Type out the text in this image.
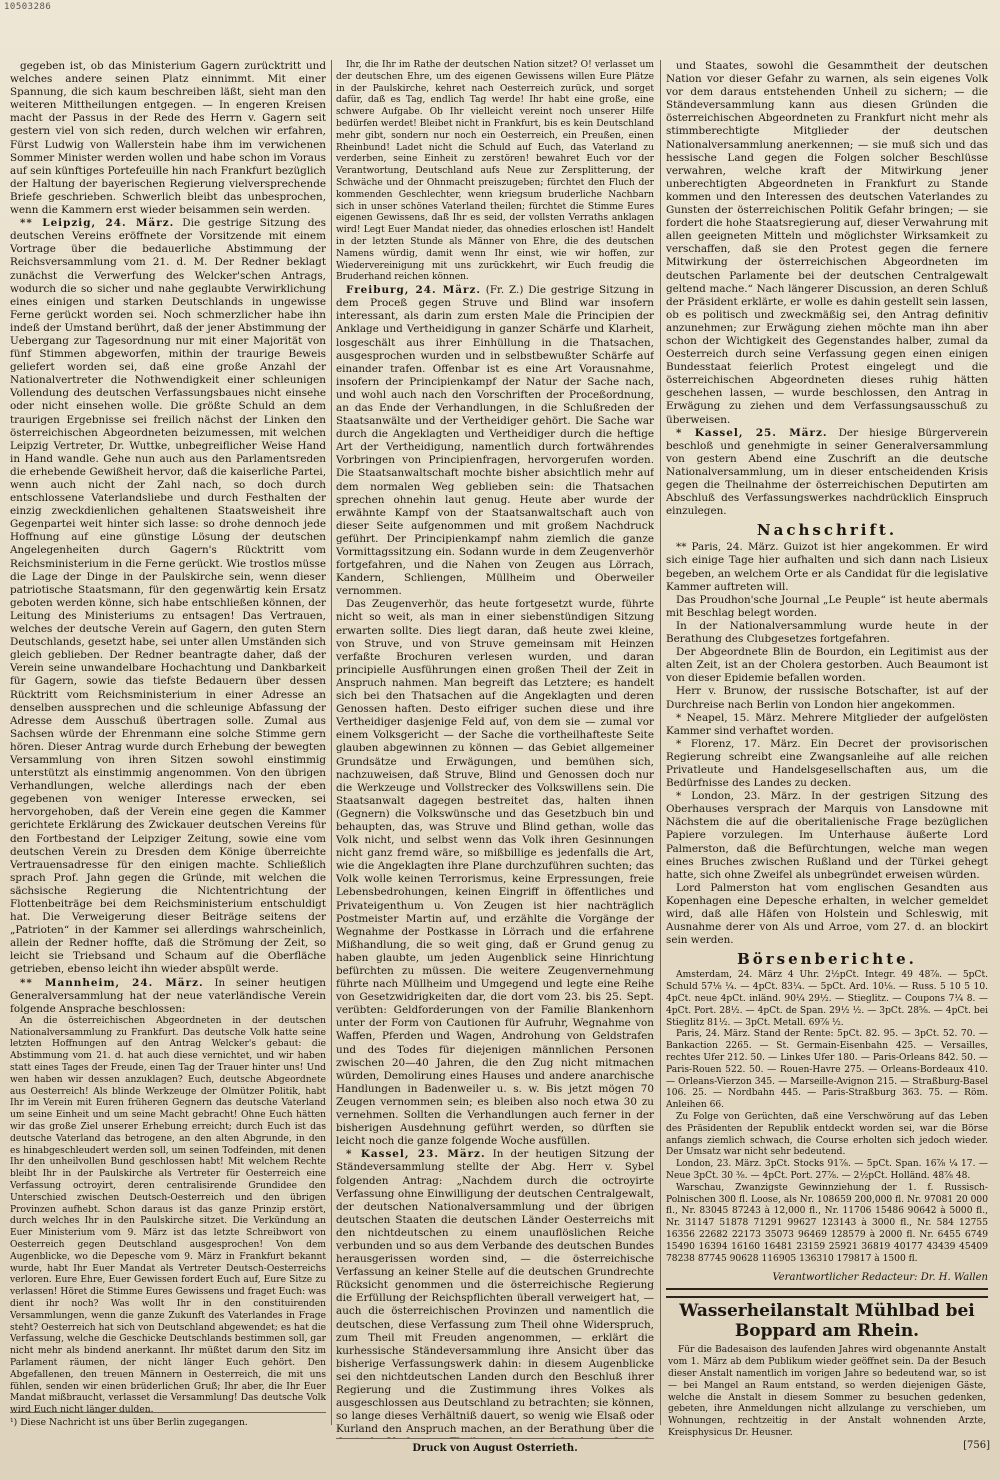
10503286

gegeben ist, ob das Ministerium Gagern zurücktritt und welches andere seinen Platz einnimmt. Mit einer Spannung, die sich kaum beschreiben läßt, sieht man den weiteren Mittheilungen entgegen. — In engeren Kreisen macht der Passus in der Rede des Herrn v. Gagern seit gestern viel von sich reden, durch welchen wir erfahren, Fürst Ludwig von Wallerstein habe ihm im verwichenen Sommer Minister werden wollen und habe schon im Voraus auf sein künftiges Portefeuille hin nach Frankfurt bezüglich der Haltung der bayerischen Regierung vielversprechende Briefe geschrieben. Schwerlich bleibt das unbesprochen, wenn die Kammern erst wieder beisammen sein werden.

** Leipzig, 24. März. Die gestrige Sitzung des deutschen Vereins eröffnete der Vorsitzende mit einem Vortrage über die bedauerliche Abstimmung der Reichsversammlung vom 21. d. M. Der Redner beklagt zunächst die Verwerfung des Welcker'schen Antrags, wodurch die so sicher und nahe geglaubte Verwirklichung eines einigen und starken Deutschlands in ungewisse Ferne gerückt worden sei. Noch schmerzlicher habe ihn indeß der Umstand berührt, daß der jener Abstimmung der Uebergang zur Tagesordnung nur mit einer Majorität von fünf Stimmen abgeworfen, mithin der traurige Beweis geliefert worden sei, daß eine große Anzahl der Nationalvertreter die Nothwendigkeit einer schleunigen Vollendung des deutschen Verfassungsbaues nicht einsehe oder nicht einsehen wolle. Die größte Schuld an dem traurigen Ergebnisse sei freilich nächst der Linken den österreichischen Abgeordneten beizumessen, mit welchen Leipzig Vertreter, Dr. Wuttke, unbegreiflicher Weise Hand in Hand wandle. Gehe nun auch aus den Parlamentsreden die erhebende Gewißheit hervor, daß die kaiserliche Partei, wenn auch nicht der Zahl nach, so doch durch entschlossene Vaterlandsliebe und durch Festhalten der einzig zweckdienlichen gehaltenen Staatsweisheit ihre Gegenpartei weit hinter sich lasse: so drohe dennoch jede Hoffnung auf eine günstige Lösung der deutschen Angelegenheiten durch Gagern's Rücktritt vom Reichsministerium in die Ferne gerückt. Wie trostlos müsse die Lage der Dinge in der Paulskirche sein, wenn dieser patriotische Staatsmann, für den gegenwärtig kein Ersatz geboten werden könne, sich habe entschließen können, der Leitung des Ministeriums zu entsagen! Das Vertrauen, welches der deutsche Verein auf Gagern, den guten Stern Deutschlands, gesetzt habe, sei unter allen Umständen sich gleich geblieben. Der Redner beantragte daher, daß der Verein seine unwandelbare Hochachtung und Dankbarkeit für Gagern, sowie das tiefste Bedauern über dessen Rücktritt vom Reichsministerium in einer Adresse an denselben aussprechen und die schleunige Abfassung der Adresse dem Ausschuß übertragen solle. Zumal aus Sachsen würde der Ehrenmann eine solche Stimme gern hören. Dieser Antrag wurde durch Erhebung der bewegten Versammlung von ihren Sitzen sowohl einstimmig unterstützt als einstimmig angenommen. Von den übrigen Verhandlungen, welche allerdings nach der eben gegebenen von weniger Interesse erwecken, sei hervorgehoben, daß der Verein eine gegen die Kammer gerichtete Erklärung des Zwickauer deutschen Vereins für den Fortbestand der Leipziger Zeitung, sowie eine vom deutschen Verein zu Dresden dem Könige überreichte Vertrauensadresse für den einigen machte. Schließlich sprach Prof. Jahn gegen die Gründe, mit welchen die sächsische Regierung die Nichtentrichtung der Flottenbeiträge bei dem Reichsministerium entschuldigt hat. Die Verweigerung dieser Beiträge seitens der „Patrioten“ in der Kammer sei allerdings wahrscheinlich, allein der Redner hoffte, daß die Strömung der Zeit, so leicht sie Triebsand und Schaum auf die Oberfläche getrieben, ebenso leicht ihn wieder abspült werde.

** Mannheim, 24. März. In seiner heutigen Generalversammlung hat der neue vaterländische Verein folgende Ansprache beschlossen:

An die österreichischen Abgeordneten in der deutschen Nationalversammlung zu Frankfurt. Das deutsche Volk hatte seine letzten Hoffnungen auf den Antrag Welcker's gebaut: die Abstimmung vom 21. d. hat auch diese vernichtet, und wir haben statt eines Tages der Freude, einen Tag der Trauer hinter uns! Und wen haben wir dessen anzuklagen? Euch, deutsche Abgeordnete aus Oesterreich! Als blinde Werkzeuge der Olmützer Politik, habt Ihr im Verein mit Euren früheren Gegnern das deutsche Vaterland um seine Einheit und um seine Macht gebracht! Ohne Euch hätten wir das große Ziel unserer Erhebung erreicht; durch Euch ist das deutsche Vaterland das betrogene, an den alten Abgrunde, in den es hinabgeschleudert werden soll, um seinen Todfeinden, mit denen Ihr den unheilvollen Bund geschlossen habt! Mit welchem Rechte bleibt Ihr in der Paulskirche als Vertreter für Oesterreich eine Verfassung octroyirt, deren centralisirende Grundidee den Unterschied zwischen Deutsch-Oesterreich und den übrigen Provinzen aufhebt. Schon daraus ist das ganze Prinzip erstört, durch welches Ihr in den Paulskirche sitzet. Die Verkündung an Euer Ministerium vom 9. März ist das letzte Schreibwort von Oesterreich gegen Deutschland ausgesprochen! Von dem Augenblicke, wo die Depesche vom 9. März in Frankfurt bekannt wurde, habt Ihr Euer Mandat als Vertreter Deutsch-Oesterreichs verloren. Eure Ehre, Euer Gewissen fordert Euch auf, Eure Sitze zu verlassen! Höret die Stimme Eures Gewissens und fraget Euch: was dient ihr noch? Was wollt Ihr in den constituirenden Versammlungen, wenn die ganze Zukunft des Vaterlandes in Frage steht? Oesterreich hat sich von Deutschland abgewendet; es hat die Verfassung, welche die Geschicke Deutschlands bestimmen soll, gar nicht mehr als bindend anerkannt. Ihr müßtet darum den Sitz im Parlament räumen, der nicht länger Euch gehört. Den Abgefallenen, den treuen Männern in Oesterreich, die mit uns fühlen, senden wir einen brüderlichen Gruß; Ihr aber, die Ihr Euer Mandat mißbraucht, verlasset die Versammlung! Das deutsche Volk wird Euch nicht länger dulden.

¹) Diese Nachricht ist uns über Berlin zugegangen.

Ihr, die Ihr im Rathe der deutschen Nation sitzet? O! verlasset um der deutschen Ehre, um des eigenen Gewissens willen Eure Plätze in der Paulskirche, kehret nach Oesterreich zurück, und sorget dafür, daß es Tag, endlich Tag werde! Ihr habt eine große, eine schwere Aufgabe. Ob Ihr vielleicht vereint noch unserer Hilfe bedürfen werdet! Bleibet nicht in Frankfurt, bis es kein Deutschland mehr gibt, sondern nur noch ein Oesterreich, ein Preußen, einen Rheinbund! Ladet nicht die Schuld auf Euch, das Vaterland zu verderben, seine Einheit zu zerstören! bewahret Euch vor der Verantwortung, Deutschland aufs Neue zur Zersplitterung, der Schwäche und der Ohnmacht preiszugeben; fürchtet den Fluch der kommenden Geschlechter, wenn kriegsum bruderliche Nachbarn sich in unser schönes Vaterland theilen; fürchtet die Stimme Eures eigenen Gewissens, daß Ihr es seid, der vollsten Verraths anklagen wird! Legt Euer Mandat nieder, das ohnedies erloschen ist! Handelt in der letzten Stunde als Männer von Ehre, die des deutschen Namens würdig, damit wenn Ihr einst, wie wir hoffen, zur Wiedervereinigung mit uns zurückkehrt, wir Euch freudig die Bruderhand reichen können.

Freiburg, 24. März. (Fr. Z.) Die gestrige Sitzung in dem Proceß gegen Struve und Blind war insofern interessant, als darin zum ersten Male die Principien der Anklage und Vertheidigung in ganzer Schärfe und Klarheit, losgeschält aus ihrer Einhüllung in die Thatsachen, ausgesprochen wurden und in selbstbewußter Schärfe auf einander trafen. Offenbar ist es eine Art Vorausnahme, insofern der Principienkampf der Natur der Sache nach, und wohl auch nach den Vorschriften der Proceßordnung, an das Ende der Verhandlungen, in die Schlußreden der Staatsanwälte und der Vertheidiger gehört. Die Sache war durch die Angeklagten und Vertheidiger durch die heftige Art der Vertheidigung, namentlich durch fortwährendes Vorbringen von Principienfragen, hervorgerufen worden. Die Staatsanwaltschaft mochte bisher absichtlich mehr auf dem normalen Weg geblieben sein: die Thatsachen sprechen ohnehin laut genug. Heute aber wurde der erwähnte Kampf von der Staatsanwaltschaft auch von dieser Seite aufgenommen und mit großem Nachdruck geführt. Der Principienkampf nahm ziemlich die ganze Vormittagssitzung ein. Sodann wurde in dem Zeugenverhör fortgefahren, und die Nahen von Zeugen aus Lörrach, Kandern, Schliengen, Müllheim und Oberweiler vernommen.

Das Zeugenverhör, das heute fortgesetzt wurde, führte nicht so weit, als man in einer siebenstündigen Sitzung erwarten sollte. Dies liegt daran, daß heute zwei kleine, von Struve, und von Struve gemeinsam mit Heinzen verfaßte Brochuren verlesen wurden, und daran principielle Ausführungen einen großen Theil der Zeit in Anspruch nahmen. Man begreift das Letztere; es handelt sich bei den Thatsachen auf die Angeklagten und deren Genossen haften. Desto eifriger suchen diese und ihre Vertheidiger dasjenige Feld auf, von dem sie — zumal vor einem Volksgericht — der Sache die vortheilhafteste Seite glauben abgewinnen zu können — das Gebiet allgemeiner Grundsätze und Erwägungen, und bemühen sich, nachzuweisen, daß Struve, Blind und Genossen doch nur die Werkzeuge und Vollstrecker des Volkswillens sein. Die Staatsanwalt dagegen bestreitet das, halten ihnen (Gegnern) die Volkswünsche und das Gesetzbuch bin und behaupten, das, was Struve und Blind gethan, wolle das Volk nicht, und selbst wenn das Volk ihren Gesinnungen nicht ganz fremd wäre, so mißbillige es jedenfalls die Art, wie die Angeklagten ihre Plane durchzuführen suchten; das Volk wolle keinen Terrorismus, keine Erpressungen, freie Lebensbedrohungen, keinen Eingriff in öffentliches und Privateigenthum u. Von Zeugen ist hier nachträglich Postmeister Martin auf, und erzählte die Vorgänge der Wegnahme der Postkasse in Lörrach und die erfahrene Mißhandlung, die so weit ging, daß er Grund genug zu haben glaubte, um jeden Augenblick seine Hinrichtung befürchten zu müssen. Die weitere Zeugenvernehmung führte nach Müllheim und Umgegend und legte eine Reihe von Gesetzwidrigkeiten dar, die dort vom 23. bis 25. Sept. verübten: Geldforderungen von der Familie Blankenhorn unter der Form von Cautionen für Aufruhr, Wegnahme von Waffen, Pferden und Wagen, Androhung von Geldstrafen und des Todes für diejenigen männlichen Personen zwischen 20—40 Jahren, die den Zug nicht mitmachen würden, Demolirung eines Hauses und andere anarchische Handlungen in Badenweiler u. s. w. Bis jetzt mögen 70 Zeugen vernommen sein; es bleiben also noch etwa 30 zu vernehmen. Sollten die Verhandlungen auch ferner in der bisherigen Ausdehnung geführt werden, so dürften sie leicht noch die ganze folgende Woche ausfüllen.

* Kassel, 23. März. In der heutigen Sitzung der Ständeversammlung stellte der Abg. Herr v. Sybel folgenden Antrag: „Nachdem durch die octroyirte Verfassung ohne Einwilligung der deutschen Centralgewalt, der deutschen Nationalversammlung und der übrigen deutschen Staaten die deutschen Länder Oesterreichs mit den nichtdeutschen zu einem unauflöslichen Reiche verbunden und so aus dem Verbande des deutschen Bundes herausgerissen worden sind, — die österreichische Verfassung an keiner Stelle auf die deutschen Grundrechte Rücksicht genommen und die österreichische Regierung die Erfüllung der Reichspflichten überall verweigert hat, — auch die österreichischen Provinzen und namentlich die deutschen, diese Verfassung zum Theil ohne Widerspruch, zum Theil mit Freuden angenommen, — erklärt die kurhessische Ständeversammlung ihre Ansicht über das bisherige Verfassungswerk dahin: in diesem Augenblicke sei den nichtdeutschen Landen durch den Beschluß ihrer Regierung und die Zustimmung ihres Volkes als ausgeschlossen aus Deutschland zu betrachten; sie können, so lange dieses Verhältniß dauert, so wenig wie Elsaß oder Kurland den Anspruch machen, an der Berathung über die

Druck von August Osterrieth.

und Staates, sowohl die Gesammtheit der deutschen Nation vor dieser Gefahr zu warnen, als sein eigenes Volk vor dem daraus entstehenden Unheil zu sichern; — die Ständeversammlung kann aus diesen Gründen die österreichischen Abgeordneten zu Frankfurt nicht mehr als stimmberechtigte Mitglieder der deutschen Nationalversammlung anerkennen; — sie muß sich und das hessische Land gegen die Folgen solcher Beschlüsse verwahren, welche kraft der Mitwirkung jener unberechtigten Abgeordneten in Frankfurt zu Stande kommen und den Interessen des deutschen Vaterlandes zu Gunsten der österreichischen Politik Gefahr bringen; — sie fordert die hohe Staatsregierung auf, dieser Verwahrung mit allen geeigneten Mitteln und möglichster Wirksamkeit zu verschaffen, daß sie den Protest gegen die fernere Mitwirkung der österreichischen Abgeordneten im deutschen Parlamente bei der deutschen Centralgewalt geltend mache.“ Nach längerer Discussion, an deren Schluß der Präsident erklärte, er wolle es dahin gestellt sein lassen, ob es politisch und zweckmäßig sei, den Antrag definitiv anzunehmen; zur Erwägung ziehen möchte man ihn aber schon der Wichtigkeit des Gegenstandes halber, zumal da Oesterreich durch seine Verfassung gegen einen einigen Bundesstaat feierlich Protest eingelegt und die österreichischen Abgeordneten dieses ruhig hätten geschehen lassen, — wurde beschlossen, den Antrag in Erwägung zu ziehen und dem Verfassungsausschuß zu überweisen.

* Kassel, 25. März. Der hiesige Bürgerverein beschloß und genehmigte in seiner Generalversammlung von gestern Abend eine Zuschrift an die deutsche Nationalversammlung, um in dieser entscheidenden Krisis gegen die Theilnahme der österreichischen Deputirten am Abschluß des Verfassungswerkes nachdrücklich Einspruch einzulegen.

Nachschrift.

** Paris, 24. März. Guizot ist hier angekommen. Er wird sich einige Tage hier aufhalten und sich dann nach Lisieux begeben, an welchem Orte er als Candidat für die legislative Kammer auftreten will.

Das Proudhon'sche Journal „Le Peuple“ ist heute abermals mit Beschlag belegt worden.

In der Nationalversammlung wurde heute in der Berathung des Clubgesetzes fortgefahren.

Der Abgeordnete Blin de Bourdon, ein Legitimist aus der alten Zeit, ist an der Cholera gestorben. Auch Beaumont ist von dieser Epidemie befallen worden.

Herr v. Brunow, der russische Botschafter, ist auf der Durchreise nach Berlin von London hier angekommen.

* Neapel, 15. März. Mehrere Mitglieder der aufgelösten Kammer sind verhaftet worden.

* Florenz, 17. März. Ein Decret der provisorischen Regierung schreibt eine Zwangsanleihe auf alle reichen Privatleute und Handelsgesellschaften aus, um die Bedürfnisse des Landes zu decken.

* London, 23. März. In der gestrigen Sitzung des Oberhauses versprach der Marquis von Lansdowne mit Nächstem die auf die oberitalienische Frage bezüglichen Papiere vorzulegen. Im Unterhause äußerte Lord Palmerston, daß die Befürchtungen, welche man wegen eines Bruches zwischen Rußland und der Türkei gehegt hatte, sich ohne Zweifel als unbegründet erweisen würden.

Lord Palmerston hat vom englischen Gesandten aus Kopenhagen eine Depesche erhalten, in welcher gemeldet wird, daß alle Häfen von Holstein und Schleswig, mit Ausnahme derer von Als und Arroe, vom 27. d. an blockirt sein werden.

Börsenberichte.

Amsterdam, 24. März 4 Uhr. 2½pCt. Integr. 49 48⅞. — 5pCt. Schuld 57⅛ ¼. — 4pCt. 83¼. — 5pCt. Ard. 10⅛. — Russ. 5 10 5 10. 4pCt. neue 4pCt. inländ. 90¼ 29½. — Stieglitz. — Coupons 7¼ 8. — 4pCt. Port. 28½. — 4pCt. de Span. 29½ ½. — 3pCt. 28⅝. — 4pCt. bei Stieglitz 81½. — 3pCt. Metall. 69⅞ ½.

Paris, 24. März. Stand der Rente: 5pCt. 82. 95. — 3pCt. 52. 70. — Bankaction 2265. — St. Germain-Eisenbahn 425. — Versailles, rechtes Ufer 212. 50. — Linkes Ufer 180. — Paris-Orleans 842. 50. — Paris-Rouen 522. 50. — Rouen-Havre 275. — Orleans-Bordeaux 410. — Orleans-Vierzon 345. — Marseille-Avignon 215. — Straßburg-Basel 106. 25. — Nordbahn 445. — Paris-Straßburg 363. 75. — Röm. Anleihen 66.

Zu Folge von Gerüchten, daß eine Verschwörung auf das Leben des Präsidenten der Republik entdeckt worden sei, war die Börse anfangs ziemlich schwach, die Course erholten sich jedoch wieder. Der Umsatz war nicht sehr bedeutend.

London, 23. März. 3pCt. Stocks 91⅞. — 5pCt. Span. 16⅞ ¼ 17. — Neue 3pCt. 30 ⅜. — 4pCt. Port. 27⅞. — 2½pCt. Holländ. 48⅞ 48.

Warschau, Zwanzigste Gewinnziehung der 1. f. Russisch-Polnischen 300 fl. Loose, als Nr. 108659 200,000 fl. Nr. 97081 20 000 fl., Nr. 83045 87243 à 12,000 fl., Nr. 11706 15486 90642 à 5000 fl., Nr. 31147 51878 71291 99627 123143 à 3000 fl., Nr. 584 12755 16356 22682 22173 35073 96469 128579 à 2000 fl. Nr. 6455 6749 15490 16394 16160 16481 23159 25921 36819 40177 43439 45409 78238 87745 90628 116905 136310 179817 à 1500 fl.

Verantwortlicher Redacteur: Dr. H. Wallen
Wasserheilanstalt Mühlbad bei Boppard am Rhein.

Für die Badesaison des laufenden Jahres wird obgenannte Anstalt vom 1. März ab dem Publikum wieder geöffnet sein. Da der Besuch dieser Anstalt namentlich im vorigen Jahre so bedeutend war, so ist — bei Mangel an Raum entstand, so werden diejenigen Gäste, welche die Anstalt in diesem Sommer zu besuchen gedenken, gebeten, ihre Anmeldungen nicht allzulange zu verschieben, um Wohnungen, rechtzeitig in der Anstalt wohnenden Arzte, Kreisphysicus Dr. Heusner.

[756]
